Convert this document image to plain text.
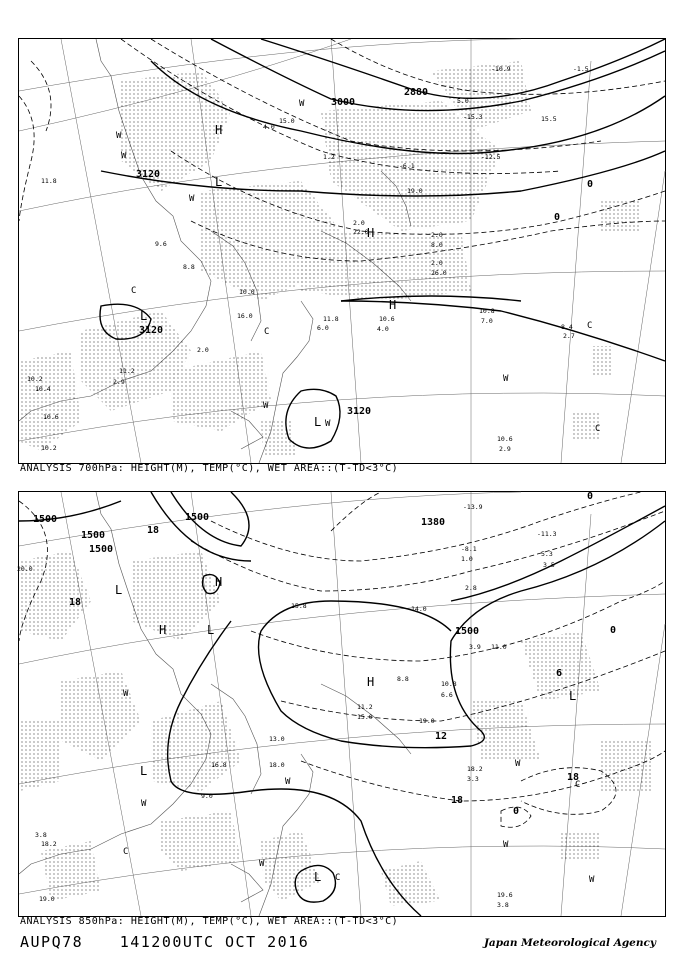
3000
2880
3120
3120
3120
0
0
H
L
H
H
L
L
W
W
W
W
C
C
W
W
W	C
C
10.8
7.0
8.4
2.7
10.6
2.9
11.2
2.9
10.2
10.4
10.6
10.2
11.8
2.0
8.0
2.0
26.0
19.0
-6.1
2.0
22.0
10.6
4.0
11.8
6.0
15.0
4.0
-12.5
-15.3
5.0
-10.9	-1.5
15.5
1.2
10.0
16.0
9.6
8.8
2.0
ANALYSIS 700hPa: HEIGHT(M), TEMP(°C), WET AREA::(T-TD<3°C)
1500
1500
1500
1500	1380
1500
18
18
18
0
0
0
6
12
18
H
H
L
L
H
L
L
L
W
W
W
W
W
W
W
C
C
C
18.2
3.3
19.6
3.8
19.0
18.2
3.8
11.2
15.0
8.8
10.8
19.0
6.6
2.8
3.9 11.0
14.0
15.8
13.0
18.0
16.8
9.0
20.0
-13.9
-8.1
1.0
-11.3
5.3
3.5
ANALYSIS 850hPa: HEIGHT(M), TEMP(°C), WET AREA::(T-TD<3°C)
AUPQ78 141200UTC OCT 2016	Japan Meteorological Agency
